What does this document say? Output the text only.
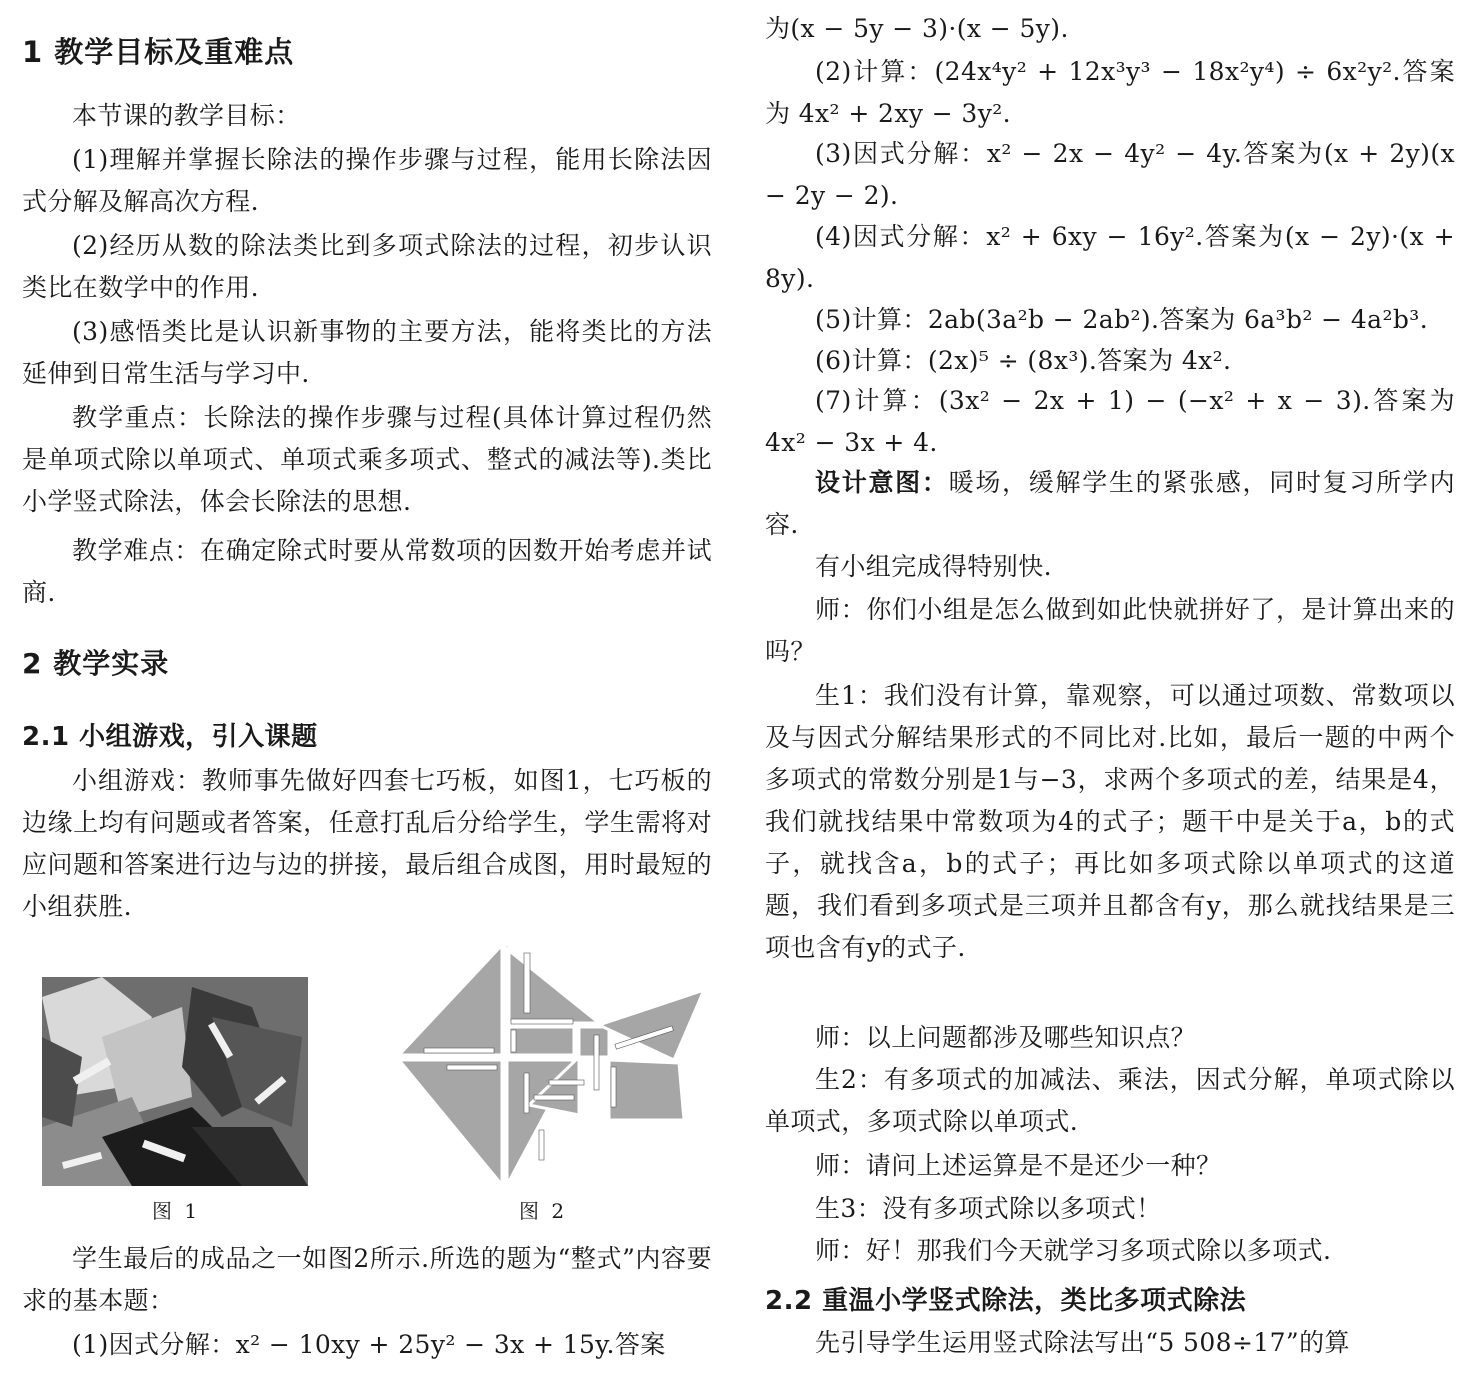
1 教学目标及重难点
本节课的教学目标：
(1)理解并掌握长除法的操作步骤与过程，能用长除法因式分解及解高次方程.
(2)经历从数的除法类比到多项式除法的过程，初步认识类比在数学中的作用.
(3)感悟类比是认识新事物的主要方法，能将类比的方法延伸到日常生活与学习中.
教学重点：长除法的操作步骤与过程(具体计算过程仍然是单项式除以单项式、单项式乘多项式、整式的减法等).类比小学竖式除法，体会长除法的思想.
教学难点：在确定除式时要从常数项的因数开始考虑并试商.
2 教学实录
2.1 小组游戏，引入课题
小组游戏：教师事先做好四套七巧板，如图1，七巧板的边缘上均有问题或者答案，任意打乱后分给学生，学生需将对应问题和答案进行边与边的拼接，最后组合成图，用时最短的小组获胜.
图 1	图 2
学生最后的成品之一如图2所示.所选的题为“整式”内容要求的基本题：
(1)因式分解：x² − 10xy + 25y² − 3x + 15y.答案
为(x − 5y − 3)·(x − 5y).
(2)计算：(24x⁴y² + 12x³y³ − 18x²y⁴) ÷ 6x²y².答案为 4x² + 2xy − 3y².
(3)因式分解：x² − 2x − 4y² − 4y.答案为(x + 2y)(x − 2y − 2).
(4)因式分解：x² + 6xy − 16y².答案为(x − 2y)·(x + 8y).
(5)计算：2ab(3a²b − 2ab²).答案为 6a³b² − 4a²b³.
(6)计算：(2x)⁵ ÷ (8x³).答案为 4x².
(7)计算：(3x² − 2x + 1) − (−x² + x − 3).答案为 4x² − 3x + 4.
设计意图：暖场，缓解学生的紧张感，同时复习所学内容.
有小组完成得特别快.
师：你们小组是怎么做到如此快就拼好了，是计算出来的吗？
生1：我们没有计算，靠观察，可以通过项数、常数项以及与因式分解结果形式的不同比对.比如，最后一题的中两个多项式的常数分别是1与−3，求两个多项式的差，结果是4，我们就找结果中常数项为4的式子；题干中是关于a，b的式子，就找含a，b的式子；再比如多项式除以单项式的这道题，我们看到多项式是三项并且都含有y，那么就找结果是三项也含有y的式子.
师：以上问题都涉及哪些知识点？
生2：有多项式的加减法、乘法，因式分解，单项式除以单项式，多项式除以单项式.
师：请问上述运算是不是还少一种？
生3：没有多项式除以多项式！
师：好！那我们今天就学习多项式除以多项式.
2.2 重温小学竖式除法，类比多项式除法
先引导学生运用竖式除法写出“5 508÷17”的算
